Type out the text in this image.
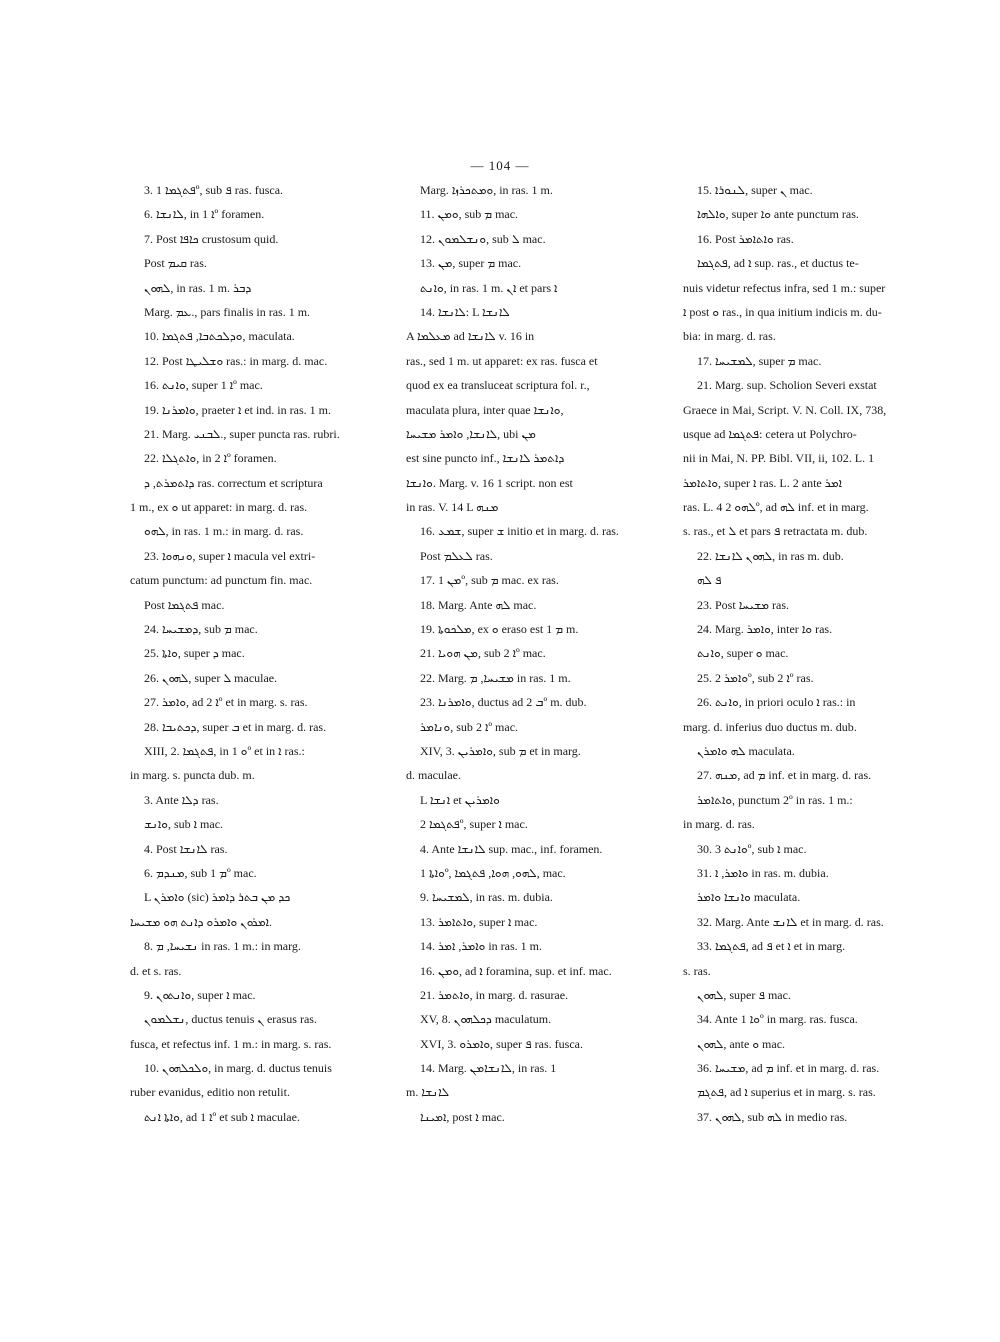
— 104 —
3. ܦܬܓܡܐ 1º, sub ܦ ras. fusca.
6. ܠܐܢܫܐ, in ܐ 1º foramen.
7. Post ܟܐܦܐ crustosum quid.
Post ܩܝܡ ras.
ܠܗܘܢ, in ras. 1 m. ܕܒܪ
Marg. ܥܡ., pars finalis in ras. 1 m.
10. ܘܕܠܟܬܒܐ, ܦܬܓܡܐ, maculata.
12. Post ܘܫܠܝܛܐ ras.: in marg. d. mac.
16. ܘܐܢܬ, super ܐ 1º mac.
19. ܘܐܡܪܢܐ, praeter ܐ et ind. in ras. 1 m.
21. Marg. ܠܒܢܝ., super puncta ras. rubri.
22. ܘܐܬܓܠܐ, in ܐ 2º foramen.
ܕܐܬܡܪܬ, ܕ ras. correctum et scriptura
1 m., ex ܘ ut apparet: in marg. d. ras.
ܠܗܘ, in ras. 1 m.: in marg. d. ras.
23. ܘܢܗܘܐ, super ܐ macula vel extri-
catum punctum: ad punctum fin. mac.
Post ܦܬܓܡܐ mac.
24. ܕܡܫܝܚܐ, sub ܡ mac.
25. ܘܐܬܐ, super ܕ mac.
26. ܠܗܘܢ, super ܠ maculae.
27. ܘܐܡܪ, ad ܐ 2º et in marg. s. ras.
28. ܕܟܬܝܒܐ, super ܒ et in marg. d. ras.
XIII, 2. ܦܬܓܡܐ, in ܘ 1º et in ܐ ras.:
in marg. s. puncta dub. m.
3. Ante ܕܠܐ ras.
ܘܐܢܫ, sub ܐ mac.
4. Post ܠܐܢܫܐ ras.
6. ܡܢܕܡ, sub ܡ 1º mac.
L ܘܐܡܪܢ (sic) ܟܕ ܡܢ ܒܬܪ ܕܐܡܪ
ܐܡܪܘܢ ܘܐܡܪܘ ܕܐܢܬ ܗܘ ܡܫܝܚܐ.
8. ܢܫܝܚܐ, ܡ in ras. 1 m.: in marg.
d. et s. ras.
9. ܘܐܢܬܘܢ, super ܐ mac.
ܢܫܠܡܘܢ, ductus tenuis ܢ erasus ras.
fusca, et refectus inf. 1 m.: in marg. s. ras.
10. ܘܠܟܠܗܘܢ, in marg. d. ductus tenuis
ruber evanidus, editio non retulit.
ܘܐܬܐ ܐܢܬ, ad ܐ 1º et sub ܐ maculae.
Marg. ܘܡܬܟܪܙܐ, in ras. 1 m.
11. ܘܡܢ, sub ܡ mac.
12. ܘܢܫܠܡܘܢ, sub ܠ mac.
13. ܡܢ, super ܡ mac.
ܘܐܢܬ, in ras. 1 m. ܐܢ et pars ܐ
14. ܠܐܢܫܐ: L ܠܐܢܫܐ
A ܡܥܠܡܐ ad ܠܐܢܫܐ v. 16 in
ras., sed 1 m. ut apparet: ex ras. fusca et
quod ex ea transluceat scriptura fol. r.,
maculata plura, inter quae ܘܐܢܫܐ,
ܠܐܢܫܐ, ܘܐܡܪ ܡܫܝܚܐ, ubi ܡܢ
est sine puncto inf., ܕܐܬܡܪ ܠܐܢܫܐ
ܘܐܢܫܐ. Marg. v. 16 1 script. non est
in ras. V. 14 L ܡܢܗ
16. ܫܡܥ, super ܫ initio et in marg. d. ras.
Post ܠܥܠܡ ras.
17. ܡܢ 1º, sub ܡ mac. ex ras.
18. Marg. Ante ܠܗ mac.
19. ܡܠܟܘܬܐ, ex ܘ eraso est ܡ 1 m.
21. ܡܢ ܗܘܝܐ, sub ܐ 2º mac.
22. Marg. ܡܫܝܚܐ, ܡ in ras. 1 m.
23. ܘܐܡܪܢܐ, ductus ad ܒ 2º m. dub.
ܘܢܐܡܪ, sub ܐ 2º mac.
XIV, 3. ܘܐܡܪܝܢ, sub ܡ et in marg.
d. maculae.
L ܐܢܫܐ et ܘܐܡܪܝܢ
ܦܬܓܡܐ 2º, super ܐ mac.
4. Ante ܠܐܢܫܐ sup. mac., inf. foramen.
ܘܐܬܐ 1º, ܠܗܘ, ܗܘܐ, ܦܬܓܡܐ, mac.
9. ܠܡܫܝܚܐ, in ras. m. dubia.
13. ܘܐܬܐܡܪ, super ܐ mac.
14. ܘܐܡܪ, ܐܡܪ in ras. 1 m.
16. ܘܡܢ, ad ܐ foramina, sup. et inf. mac.
21. ܘܐܬܡܪ, in marg. d. rasurae.
XV, 8. ܕܟܠܗܘܢ maculatum.
XVI, 3. ܘܐܡܪܘ, super ܦ ras. fusca.
14. Marg. ܠܐܢܫܐܡܢ, in ras. 1
m. ܠܐܢܫܐ
ܐܡܝܢܐ, post ܐ mac.
15. ܠܢܘܪܐ, super ܢ mac.
ܘܐܠܗܐ, super ܘܐ ante punctum ras.
16. Post ܘܐܬܐܡܪ ras.
ܦܬܓܡܐ, ad ܐ sup. ras., et ductus te-
nuis videtur refectus infra, sed 1 m.: super
ܐ post ܘ ras., in qua initium indicis m. du-
bia: in marg. d. ras.
17. ܠܡܫܝܚܐ, super ܡ mac.
21. Marg. sup. Scholion Severi exstat
Graece in Mai, Script. V. N. Coll. IX, 738,
usque ad ܦܬܓܡܐ: cetera ut Polychro-
nii in Mai, N. PP. Bibl. VII, ii, 102. L. 1
ܘܐܬܐܡܪ, super ܐ ras. L. 2 ante ܐܡܪ
ras. L. 4 ܠܗܘ 2º, ad ܠܗ inf. et in marg.
s. ras., et ܠ et pars ܦ retractata m. dub.
22. ܠܗܘܢ ܠܐܢܫܐ, in ras m. dub.
ܦ ܠܗ
23. Post ܡܫܝܚܐ ras.
24. Marg. ܘܐܡܪ, inter ܘܐ ras.
ܘܐܢܬ, super ܘ mac.
25. ܘܐܡܪ 2º, sub ܐ 2º ras.
26. ܘܐܢܬ, in priori oculo ܐ ras.: in
marg. d. inferius duo ductus m. dub.
ܠܗ ܘܐܡܪܢ maculata.
27. ܡܢܗ, ad ܡ inf. et in marg. d. ras.
ܘܐܬܐܡܪ, punctum 2º in ras. 1 m.:
in marg. d. ras.
30. ܘܐܢܬ 3º, sub ܐ mac.
31. ܘܐܡܪ, ܐ in ras. m. dubia.
ܘܐܢܫܐ ܘܐܡܪ maculata.
32. Marg. Ante ܠܐܢܫ et in marg. d. ras.
33. ܦܬܓܡܐ, ad ܦ et ܐ et in marg.
s. ras.
ܠܗܘܢ, super ܦ mac.
34. Ante ܘܐ 1º in marg. ras. fusca.
ܠܗܘܢ, ante ܘ mac.
36. ܡܫܝܚܐ, ad ܡ inf. et in marg. d. ras.
ܦܬܓܡ, ad ܐ superius et in marg. s. ras.
37. ܠܗܘܢ, sub ܠܗ in medio ras.
